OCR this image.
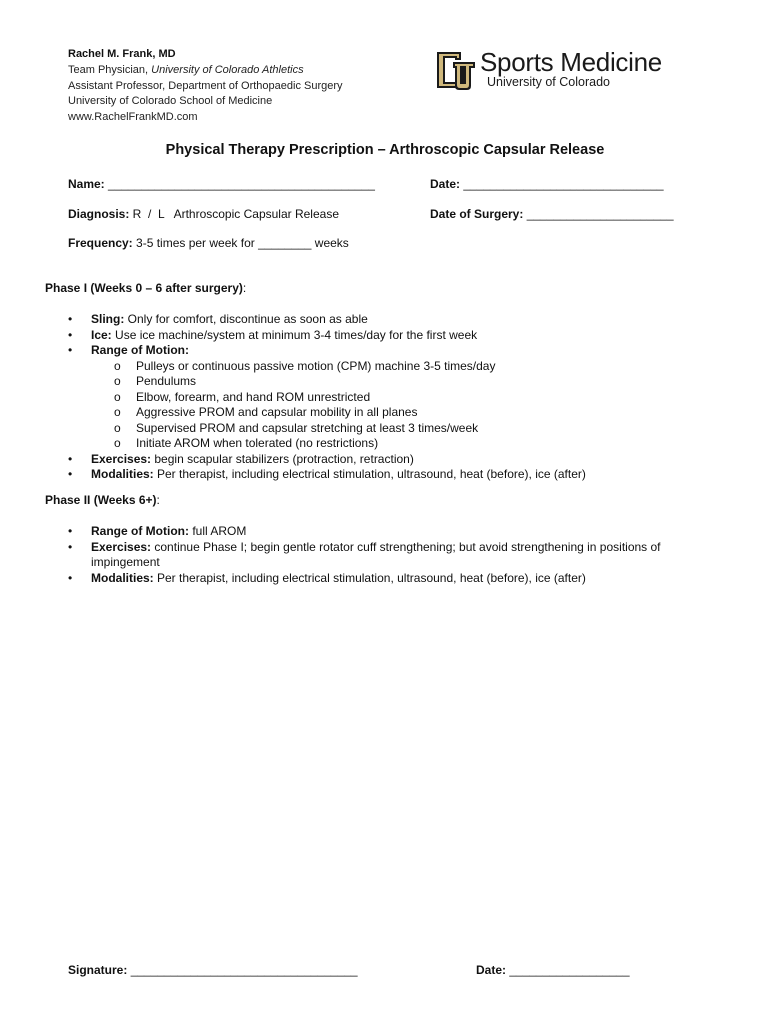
Rachel M. Frank, MD
Team Physician, University of Colorado Athletics
Assistant Professor, Department of Orthopaedic Surgery
University of Colorado School of Medicine
www.RachelFrankMD.com
Sports Medicine
University of Colorado
Physical Therapy Prescription – Arthroscopic Capsular Release
Name: ________________________________________	Date: ______________________________
Diagnosis: R  /  L   Arthroscopic Capsular Release	Date of Surgery: ______________________
Frequency: 3-5 times per week for ________ weeks
Phase I (Weeks 0 – 6 after surgery):
• Sling: Only for comfort, discontinue as soon as able
• Ice: Use ice machine/system at minimum 3-4 times/day for the first week
• Range of Motion:
o Pulleys or continuous passive motion (CPM) machine 3-5 times/day
o Pendulums
o Elbow, forearm, and hand ROM unrestricted
o Aggressive PROM and capsular mobility in all planes
o Supervised PROM and capsular stretching at least 3 times/week
o Initiate AROM when tolerated (no restrictions)
• Exercises: begin scapular stabilizers (protraction, retraction)
• Modalities: Per therapist, including electrical stimulation, ultrasound, heat (before), ice (after)
Phase II (Weeks 6+):
• Range of Motion: full AROM
• Exercises: continue Phase I; begin gentle rotator cuff strengthening; but avoid strengthening in positions of impingement
• Modalities: Per therapist, including electrical stimulation, ultrasound, heat (before), ice (after)
Signature: __________________________________	Date: __________________
